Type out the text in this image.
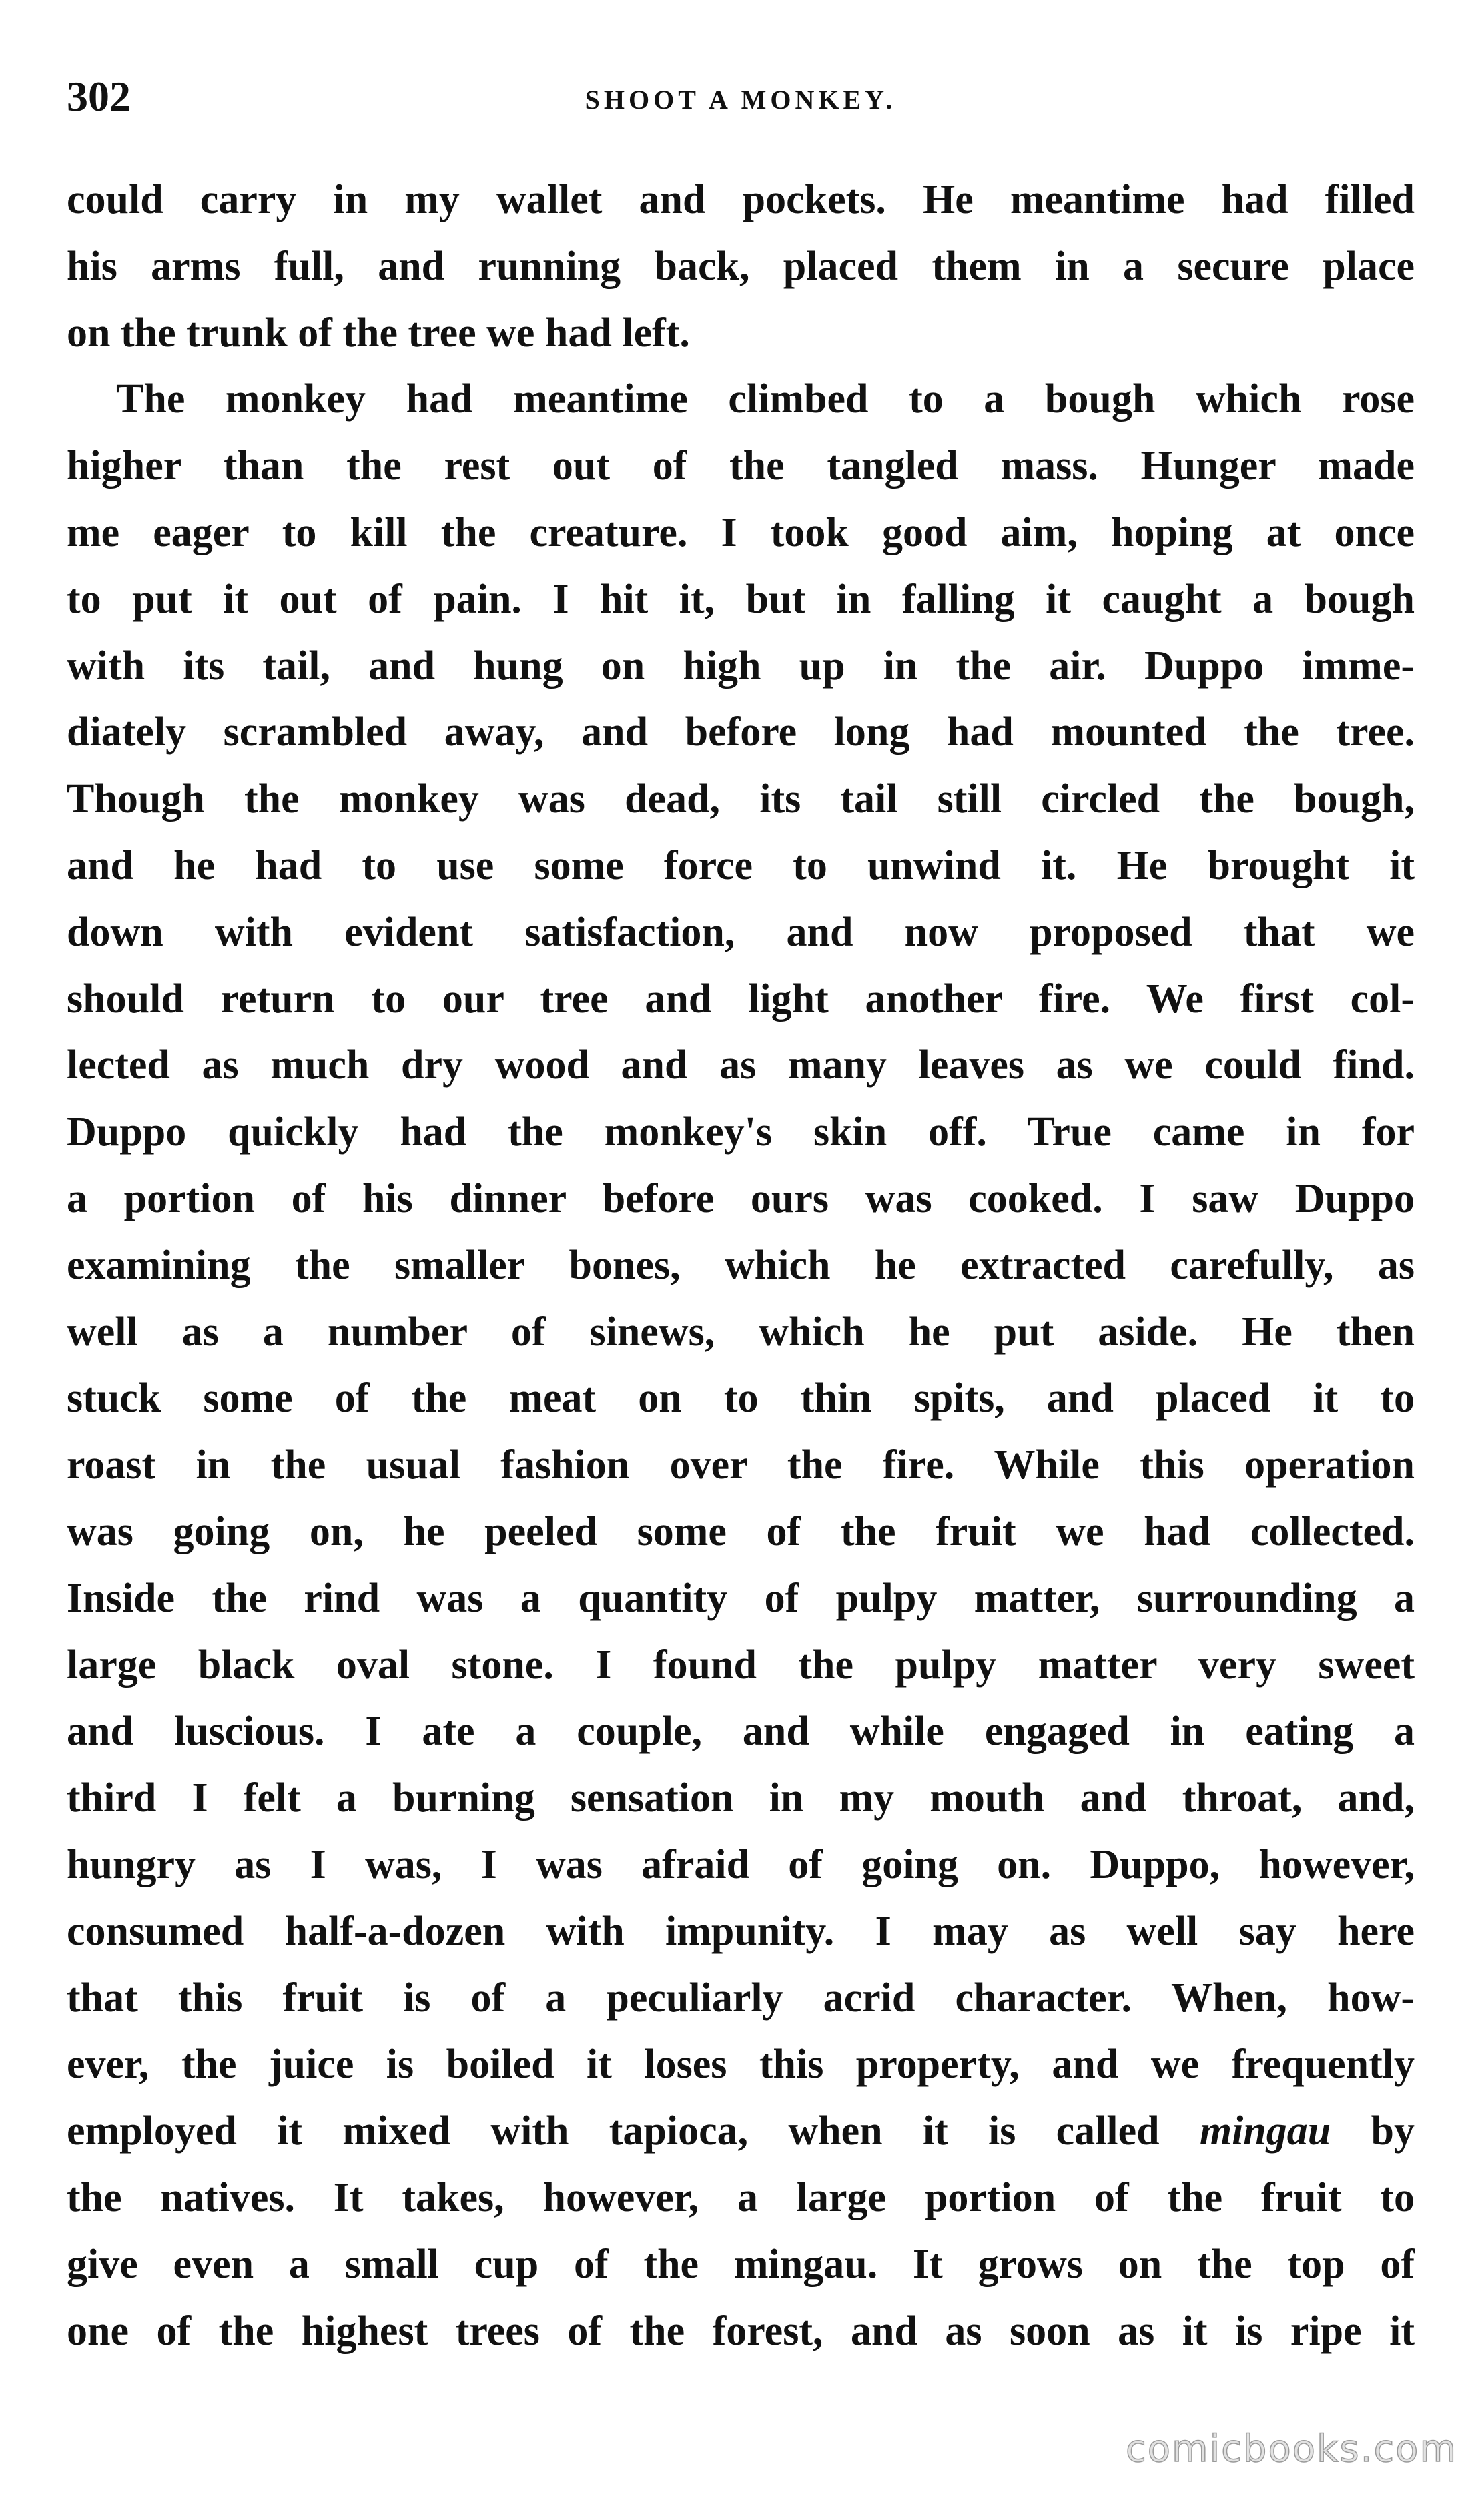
302	SHOOT A MONKEY.
could carry in my wallet and pockets. He meantime had filled
his arms full, and running back, placed them in a secure place
on the trunk of the tree we had left.
The monkey had meantime climbed to a bough which rose
higher than the rest out of the tangled mass. Hunger made
me eager to kill the creature. I took good aim, hoping at once
to put it out of pain. I hit it, but in falling it caught a bough
with its tail, and hung on high up in the air. Duppo imme-
diately scrambled away, and before long had mounted the tree.
Though the monkey was dead, its tail still circled the bough,
and he had to use some force to unwind it. He brought it
down with evident satisfaction, and now proposed that we
should return to our tree and light another fire. We first col-
lected as much dry wood and as many leaves as we could find.
Duppo quickly had the monkey's skin off. True came in for
a portion of his dinner before ours was cooked. I saw Duppo
examining the smaller bones, which he extracted carefully, as
well as a number of sinews, which he put aside. He then
stuck some of the meat on to thin spits, and placed it to
roast in the usual fashion over the fire. While this operation
was going on, he peeled some of the fruit we had collected.
Inside the rind was a quantity of pulpy matter, surrounding a
large black oval stone. I found the pulpy matter very sweet
and luscious. I ate a couple, and while engaged in eating a
third I felt a burning sensation in my mouth and throat, and,
hungry as I was, I was afraid of going on. Duppo, however,
consumed half-a-dozen with impunity. I may as well say here
that this fruit is of a peculiarly acrid character. When, how-
ever, the juice is boiled it loses this property, and we frequently
employed it mixed with tapioca, when it is called mingau by
the natives. It takes, however, a large portion of the fruit to
give even a small cup of the mingau. It grows on the top of
one of the highest trees of the forest, and as soon as it is ripe it
comicbooks.com
